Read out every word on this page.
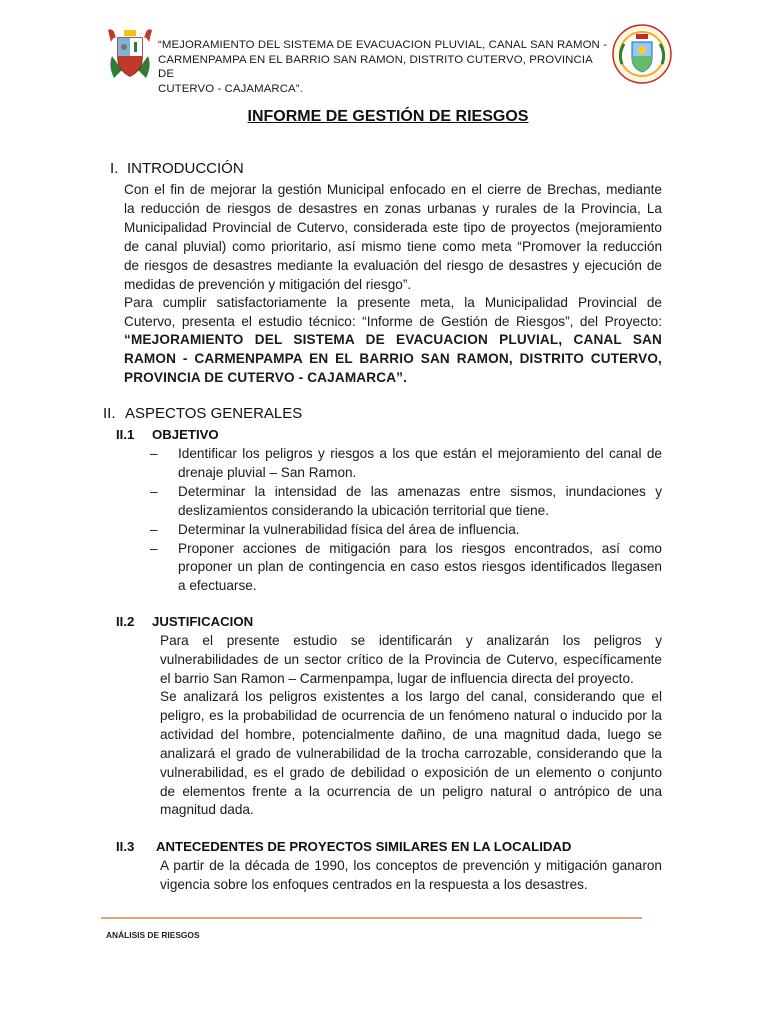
“MEJORAMIENTO DEL SISTEMA DE EVACUACION PLUVIAL, CANAL SAN RAMON -
CARMENPAMPA EN EL BARRIO SAN RAMON, DISTRITO CUTERVO, PROVINCIA DE
CUTERVO - CAJAMARCA”.
INFORME DE GESTIÓN DE RIESGOS
I. INTRODUCCIÓN
Con el fin de mejorar la gestión Municipal enfocado en el cierre de Brechas, mediante
la reducción de riesgos de desastres en zonas urbanas y rurales de la Provincia, La
Municipalidad Provincial de Cutervo, considerada este tipo de proyectos (mejoramiento
de canal pluvial) como prioritario, así mismo tiene como meta “Promover la reducción
de riesgos de desastres mediante la evaluación del riesgo de desastres y ejecución de
medidas de prevención y mitigación del riesgo”.
Para cumplir satisfactoriamente la presente meta, la Municipalidad Provincial de
Cutervo, presenta el estudio técnico: “Informe de Gestión de Riesgos”, del Proyecto:
“MEJORAMIENTO DEL SISTEMA DE EVACUACION PLUVIAL, CANAL SAN
RAMON - CARMENPAMPA EN EL BARRIO SAN RAMON, DISTRITO CUTERVO,
PROVINCIA DE CUTERVO - CAJAMARCA”.
II. ASPECTOS GENERALES
II.1 OBJETIVO
– Identificar los peligros y riesgos a los que están el mejoramiento del canal de
drenaje pluvial – San Ramon.
– Determinar la intensidad de las amenazas entre sismos, inundaciones y
deslizamientos considerando la ubicación territorial que tiene.
– Determinar la vulnerabilidad física del área de influencia.
– Proponer acciones de mitigación para los riesgos encontrados, así como
proponer un plan de contingencia en caso estos riesgos identificados llegasen
a efectuarse.
II.2 JUSTIFICACION
Para el presente estudio se identificarán y analizarán los peligros y
vulnerabilidades de un sector crítico de la Provincia de Cutervo, específicamente
el barrio San Ramon – Carmenpampa, lugar de influencia directa del proyecto.
Se analizará los peligros existentes a los largo del canal, considerando que el
peligro, es la probabilidad de ocurrencia de un fenómeno natural o inducido por la
actividad del hombre, potencialmente dañino, de una magnitud dada, luego se
analizará el grado de vulnerabilidad de la trocha carrozable, considerando que la
vulnerabilidad, es el grado de debilidad o exposición de un elemento o conjunto
de elementos frente a la ocurrencia de un peligro natural o antrópico de una
magnitud dada.
II.3 ANTECEDENTES DE PROYECTOS SIMILARES EN LA LOCALIDAD
A partir de la década de 1990, los conceptos de prevención y mitigación ganaron
vigencia sobre los enfoques centrados en la respuesta a los desastres.
ANÁLISIS DE RIESGOS
